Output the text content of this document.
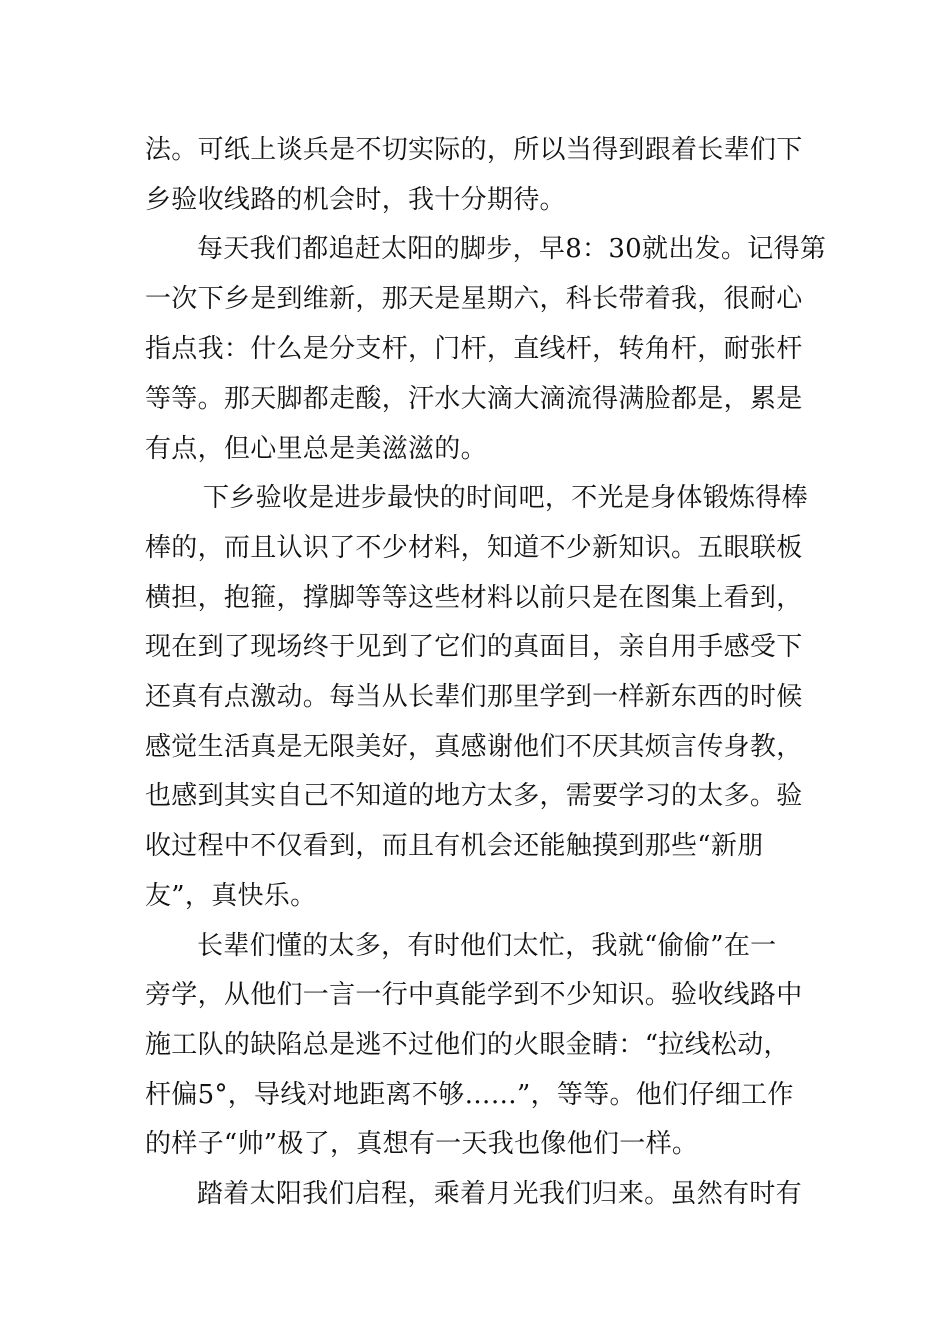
法。可纸上谈兵是不切实际的，所以当得到跟着长辈们下
乡验收线路的机会时，我十分期待。
每天我们都追赶太阳的脚步，早8：30就出发。记得第
一次下乡是到维新，那天是星期六，科长带着我，很耐心
指点我：什么是分支杆，门杆，直线杆，转角杆，耐张杆
等等。那天脚都走酸，汗水大滴大滴流得满脸都是，累是
有点，但心里总是美滋滋的。
下乡验收是进步最快的时间吧，不光是身体锻炼得棒
棒的，而且认识了不少材料，知道不少新知识。五眼联板
横担，抱箍，撑脚等等这些材料以前只是在图集上看到，
现在到了现场终于见到了它们的真面目，亲自用手感受下
还真有点激动。每当从长辈们那里学到一样新东西的时候
感觉生活真是无限美好，真感谢他们不厌其烦言传身教，
也感到其实自己不知道的地方太多，需要学习的太多。验
收过程中不仅看到，而且有机会还能触摸到那些“新朋
友”，真快乐。
长辈们懂的太多，有时他们太忙，我就“偷偷”在一
旁学，从他们一言一行中真能学到不少知识。验收线路中
施工队的缺陷总是逃不过他们的火眼金睛：“拉线松动，
杆偏5°，导线对地距离不够……”，等等。他们仔细工作
的样子“帅”极了，真想有一天我也像他们一样。
踏着太阳我们启程，乘着月光我们归来。虽然有时有
